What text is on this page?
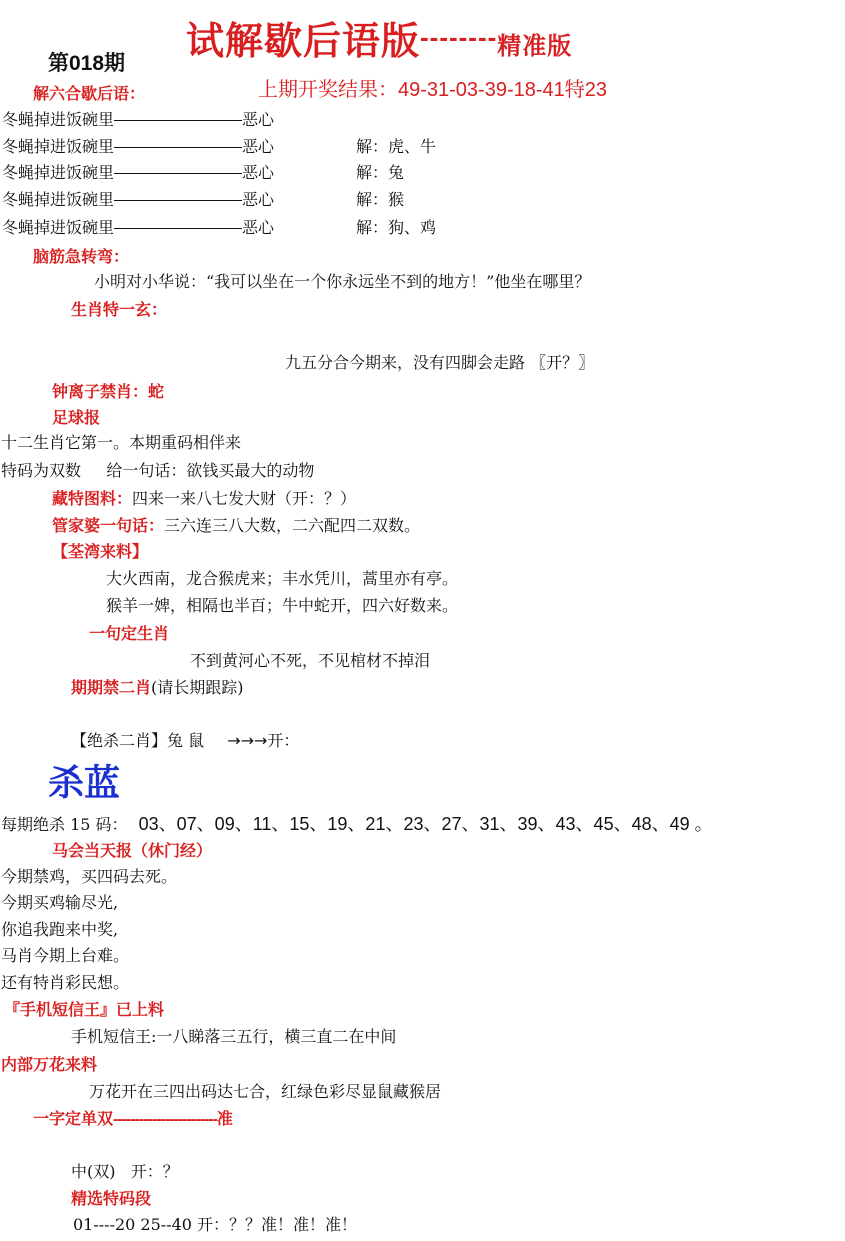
试解歇后语版--------精准版
第018期
上期开奖结果：49-31-03-39-18-41特23
解六合歇后语：
冬蝇掉进饭碗里	恶心
冬蝇掉进饭碗里	恶心	解：虎、牛
冬蝇掉进饭碗里	恶心	解：兔
冬蝇掉进饭碗里	恶心	解：猴
冬蝇掉进饭碗里	恶心	解：狗、鸡
脑筋急转弯：
小明对小华说：“我可以坐在一个你永远坐不到的地方！”他坐在哪里？
生肖特一玄：
九五分合今期来，没有四脚会走路 〖开？〗
钟离子禁肖：蛇
足球报
十二生肖它第一。本期重码相伴来
特码为双数     给一句话：欲钱买最大的动物
藏特图料：四来一来八七发大财（开：？）
管家婆一句话：三六连三八大数，二六配四二双数。
【荃湾来料】
大火西南，龙合猴虎来；丰水凭川，蒿里亦有亭。
猴羊一婢，相隔也半百；牛中蛇开，四六好数来。
一句定生肖
不到黄河心不死，不见棺材不掉泪
期期禁二肖(请长期跟踪)
【绝杀二肖】兔 鼠 →→→开：
杀蓝
每期绝杀 15 码： 03、07、09、11、15、19、21、23、27、31、39、43、45、48、49 。
马会当天报（休门经）
今期禁鸡，买四码去死。
今期买鸡输尽光,
你追我跑来中奖,
马肖今期上台难。
还有特肖彩民想。
『手机短信王』已上料
手机短信王:一八睇落三五行，横三直二在中间
内部万花来料
万花开在三四出码达七合，红绿色彩尽显鼠藏猴居
一字定单双------------------------准
中(双)   开：？
精选特码段
01----20 25--40 开：？？准！准！准！
